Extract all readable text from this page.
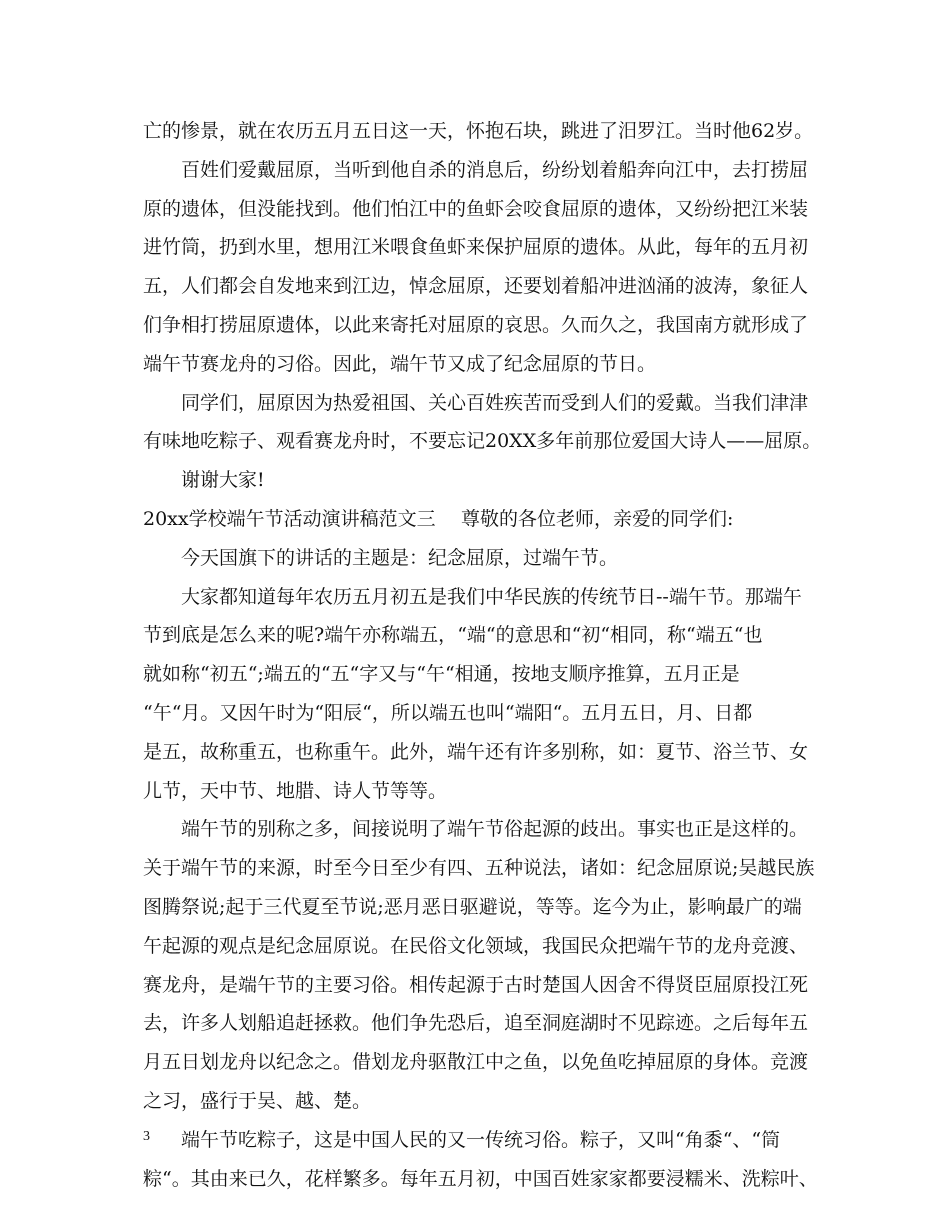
亡的惨景，就在农历五月五日这一天，怀抱石块，跳进了汨罗江。当时他62岁。
百姓们爱戴屈原，当听到他自杀的消息后，纷纷划着船奔向江中，去打捞屈
原的遗体，但没能找到。他们怕江中的鱼虾会咬食屈原的遗体，又纷纷把江米装
进竹筒，扔到水里，想用江米喂食鱼虾来保护屈原的遗体。从此，每年的五月初
五，人们都会自发地来到江边，悼念屈原，还要划着船冲进汹涌的波涛，象征人
们争相打捞屈原遗体，以此来寄托对屈原的哀思。久而久之，我国南方就形成了
端午节赛龙舟的习俗。因此，端午节又成了纪念屈原的节日。
同学们，屈原因为热爱祖国、关心百姓疾苦而受到人们的爱戴。当我们津津
有味地吃粽子、观看赛龙舟时，不要忘记20XX多年前那位爱国大诗人——屈原。
谢谢大家!
20xx学校端午节活动演讲稿范文三	尊敬的各位老师，亲爱的同学们:
今天国旗下的讲话的主题是：纪念屈原，过端午节。
大家都知道每年农历五月初五是我们中华民族的传统节日--端午节。那端午
节到底是怎么来的呢?端午亦称端五，“端“的意思和“初“相同，称“端五“也
就如称“初五“;端五的“五“字又与“午“相通，按地支顺序推算，五月正是
“午“月。又因午时为“阳辰“，所以端五也叫“端阳“。五月五日，月、日都
是五，故称重五，也称重午。此外，端午还有许多别称，如：夏节、浴兰节、女
儿节，天中节、地腊、诗人节等等。
端午节的别称之多，间接说明了端午节俗起源的歧出。事实也正是这样的。
关于端午节的来源，时至今日至少有四、五种说法，诸如：纪念屈原说;吴越民族
图腾祭说;起于三代夏至节说;恶月恶日驱避说，等等。迄今为止，影响最广的端
午起源的观点是纪念屈原说。在民俗文化领域，我国民众把端午节的龙舟竞渡、
赛龙舟，是端午节的主要习俗。相传起源于古时楚国人因舍不得贤臣屈原投江死
去，许多人划船追赶拯救。他们争先恐后，追至洞庭湖时不见踪迹。之后每年五
月五日划龙舟以纪念之。借划龙舟驱散江中之鱼，以免鱼吃掉屈原的身体。竞渡
之习，盛行于吴、越、楚。
端午节吃粽子，这是中国人民的又一传统习俗。粽子，又叫“角黍“、“筒
粽“。其由来已久，花样繁多。每年五月初，中国百姓家家都要浸糯米、洗粽叶、
3
